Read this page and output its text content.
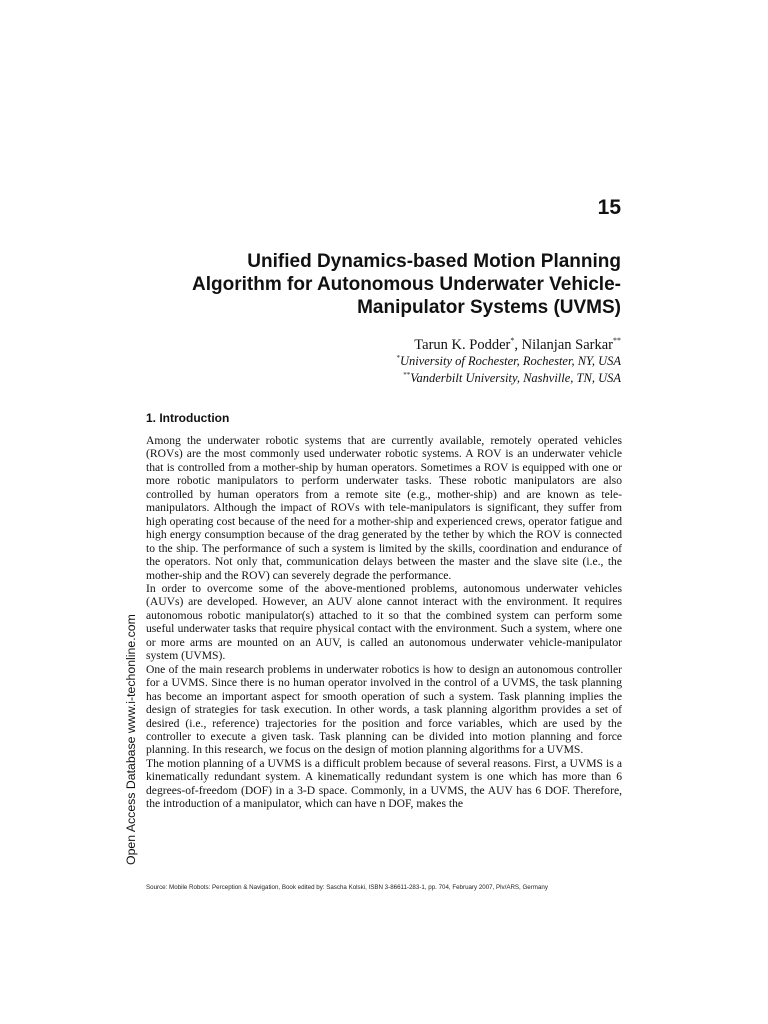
15
Unified Dynamics-based Motion Planning
Algorithm for Autonomous Underwater Vehicle-
Manipulator Systems (UVMS)
Tarun K. Podder*, Nilanjan Sarkar**
*University of Rochester, Rochester, NY, USA
**Vanderbilt University, Nashville, TN, USA
1. Introduction

Among the underwater robotic systems that are currently available, remotely operated vehicles (ROVs) are the most commonly used underwater robotic systems. A ROV is an underwater vehicle that is controlled from a mother-ship by human operators. Sometimes a ROV is equipped with one or more robotic manipulators to perform underwater tasks. These robotic manipulators are also controlled by human operators from a remote site (e.g., mother-ship) and are known as tele-manipulators. Although the impact of ROVs with tele-manipulators is significant, they suffer from high operating cost because of the need for a mother-ship and experienced crews, operator fatigue and high energy consumption because of the drag generated by the tether by which the ROV is connected to the ship. The performance of such a system is limited by the skills, coordination and endurance of the operators. Not only that, communication delays between the master and the slave site (i.e., the mother-ship and the ROV) can severely degrade the performance.

In order to overcome some of the above-mentioned problems, autonomous underwater vehicles (AUVs) are developed. However, an AUV alone cannot interact with the environment. It requires autonomous robotic manipulator(s) attached to it so that the combined system can perform some useful underwater tasks that require physical contact with the environment. Such a system, where one or more arms are mounted on an AUV, is called an autonomous underwater vehicle-manipulator system (UVMS).

One of the main research problems in underwater robotics is how to design an autonomous controller for a UVMS. Since there is no human operator involved in the control of a UVMS, the task planning has become an important aspect for smooth operation of such a system. Task planning implies the design of strategies for task execution. In other words, a task planning algorithm provides a set of desired (i.e., reference) trajectories for the position and force variables, which are used by the controller to execute a given task. Task planning can be divided into motion planning and force planning. In this research, we focus on the design of motion planning algorithms for a UVMS.

The motion planning of a UVMS is a difficult problem because of several reasons. First, a UVMS is a kinematically redundant system. A kinematically redundant system is one which has more than 6 degrees-of-freedom (DOF) in a 3-D space. Commonly, in a UVMS, the AUV has 6 DOF. Therefore, the introduction of a manipulator, which can have n DOF, makes the

Open Access Database www.i-techonline.com
Source: Mobile Robots: Perception & Navigation, Book edited by: Sascha Kolski, ISBN 3-86611-283-1, pp. 704, February 2007, Plv/ARS, Germany
